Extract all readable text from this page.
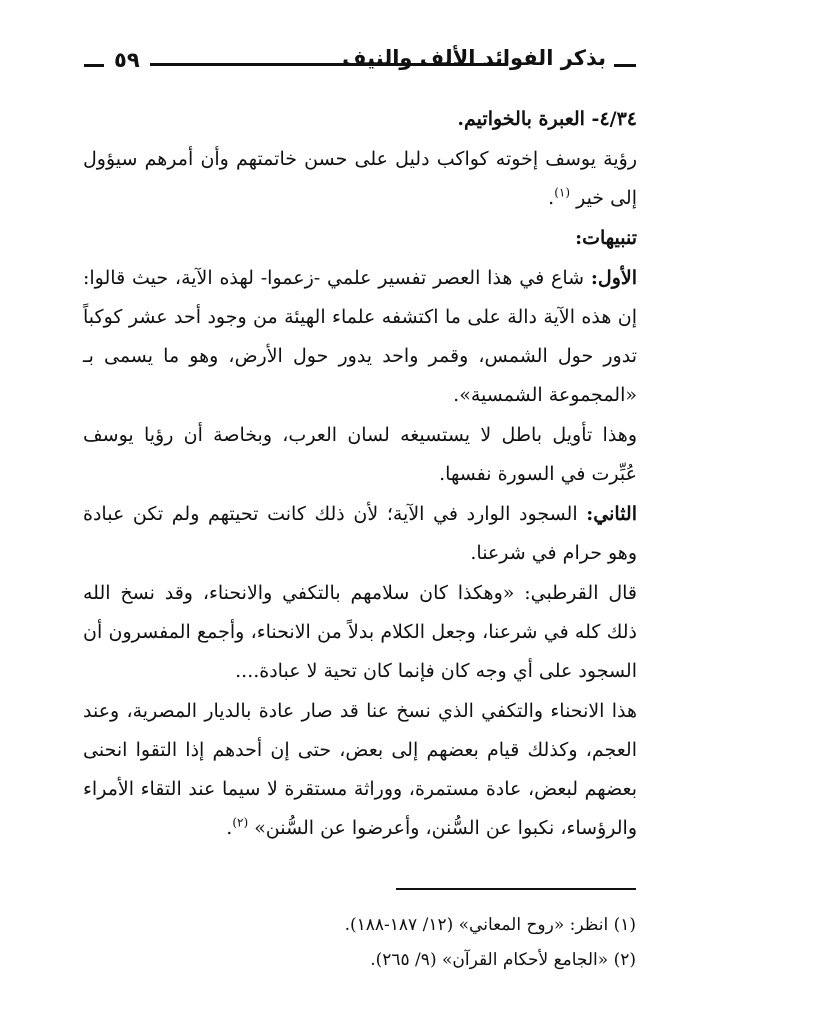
٥٩	بذكر الفوائد الألف والنيف

٤/٣٤- العبرة بالخواتيم.

رؤية يوسف إخوته كواكب دليل على حسن خاتمتهم وأن أمرهم سيؤول إلى خير $^{(١)}$.

تنبيهات:

الأول: شاع في هذا العصر تفسير علمي -زعموا- لهذه الآية، حيث قالوا: إن هذه الآية دالة على ما اكتشفه علماء الهيئة من وجود أحد عشر كوكباً تدور حول الشمس، وقمر واحد يدور حول الأرض، وهو ما يسمى بـ «المجموعة الشمسية».

وهذا تأويل باطل لا يستسيغه لسان العرب، وبخاصة أن رؤيا يوسف عُبِّرت في السورة نفسها.

الثاني: السجود الوارد في الآية؛ لأن ذلك كانت تحيتهم ولم تكن عبادة وهو حرام في شرعنا.

قال القرطبي: «وهكذا كان سلامهم بالتكفي والانحناء، وقد نسخ الله ذلك كله في شرعنا، وجعل الكلام بدلاً من الانحناء، وأجمع المفسرون أن السجود على أي وجه كان فإنما كان تحية لا عبادة....

هذا الانحناء والتكفي الذي نسخ عنا قد صار عادة بالديار المصرية، وعند العجم، وكذلك قيام بعضهم إلى بعض، حتى إن أحدهم إذا التقوا انحنى بعضهم لبعض، عادة مستمرة، ووراثة مستقرة لا سيما عند التقاء الأمراء والرؤساء، نكبوا عن السُّنن، وأعرضوا عن السُّنن» $^{(٢)}$.

(١) انظر: «روح المعاني» (١٢/ ١٨٧-١٨٨).
(٢) «الجامع لأحكام القرآن» (٩/ ٢٦٥).
